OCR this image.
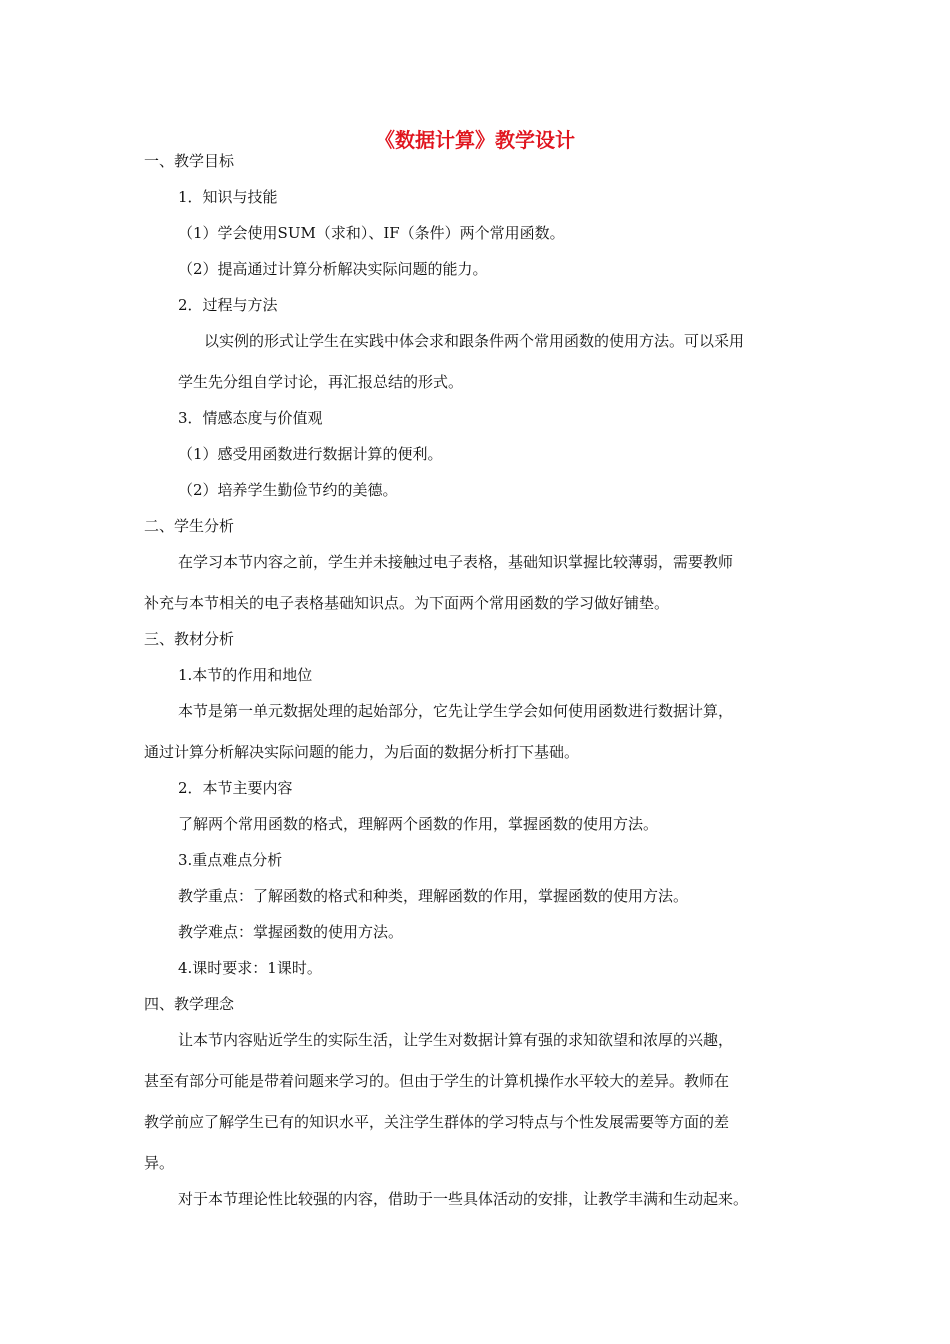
《数据计算》教学设计
一、教学目标
1．知识与技能
（1）学会使用SUM（求和）、IF（条件）两个常用函数。
（2）提高通过计算分析解决实际问题的能力。
2．过程与方法
以实例的形式让学生在实践中体会求和跟条件两个常用函数的使用方法。可以采用
学生先分组自学讨论，再汇报总结的形式。
3．情感态度与价值观
（1）感受用函数进行数据计算的便利。
（2）培养学生勤俭节约的美德。
二、学生分析
在学习本节内容之前，学生并未接触过电子表格，基础知识掌握比较薄弱，需要教师
补充与本节相关的电子表格基础知识点。为下面两个常用函数的学习做好铺垫。
三、教材分析
1.本节的作用和地位
本节是第一单元数据处理的起始部分，它先让学生学会如何使用函数进行数据计算，
通过计算分析解决实际问题的能力，为后面的数据分析打下基础。
2．本节主要内容
了解两个常用函数的格式，理解两个函数的作用，掌握函数的使用方法。
3.重点难点分析
教学重点：了解函数的格式和种类，理解函数的作用，掌握函数的使用方法。
教学难点：掌握函数的使用方法。
4.课时要求：1课时。
四、教学理念
让本节内容贴近学生的实际生活，让学生对数据计算有强的求知欲望和浓厚的兴趣，
甚至有部分可能是带着问题来学习的。但由于学生的计算机操作水平较大的差异。教师在
教学前应了解学生已有的知识水平，关注学生群体的学习特点与个性发展需要等方面的差
异。
对于本节理论性比较强的内容，借助于一些具体活动的安排，让教学丰满和生动起来。
